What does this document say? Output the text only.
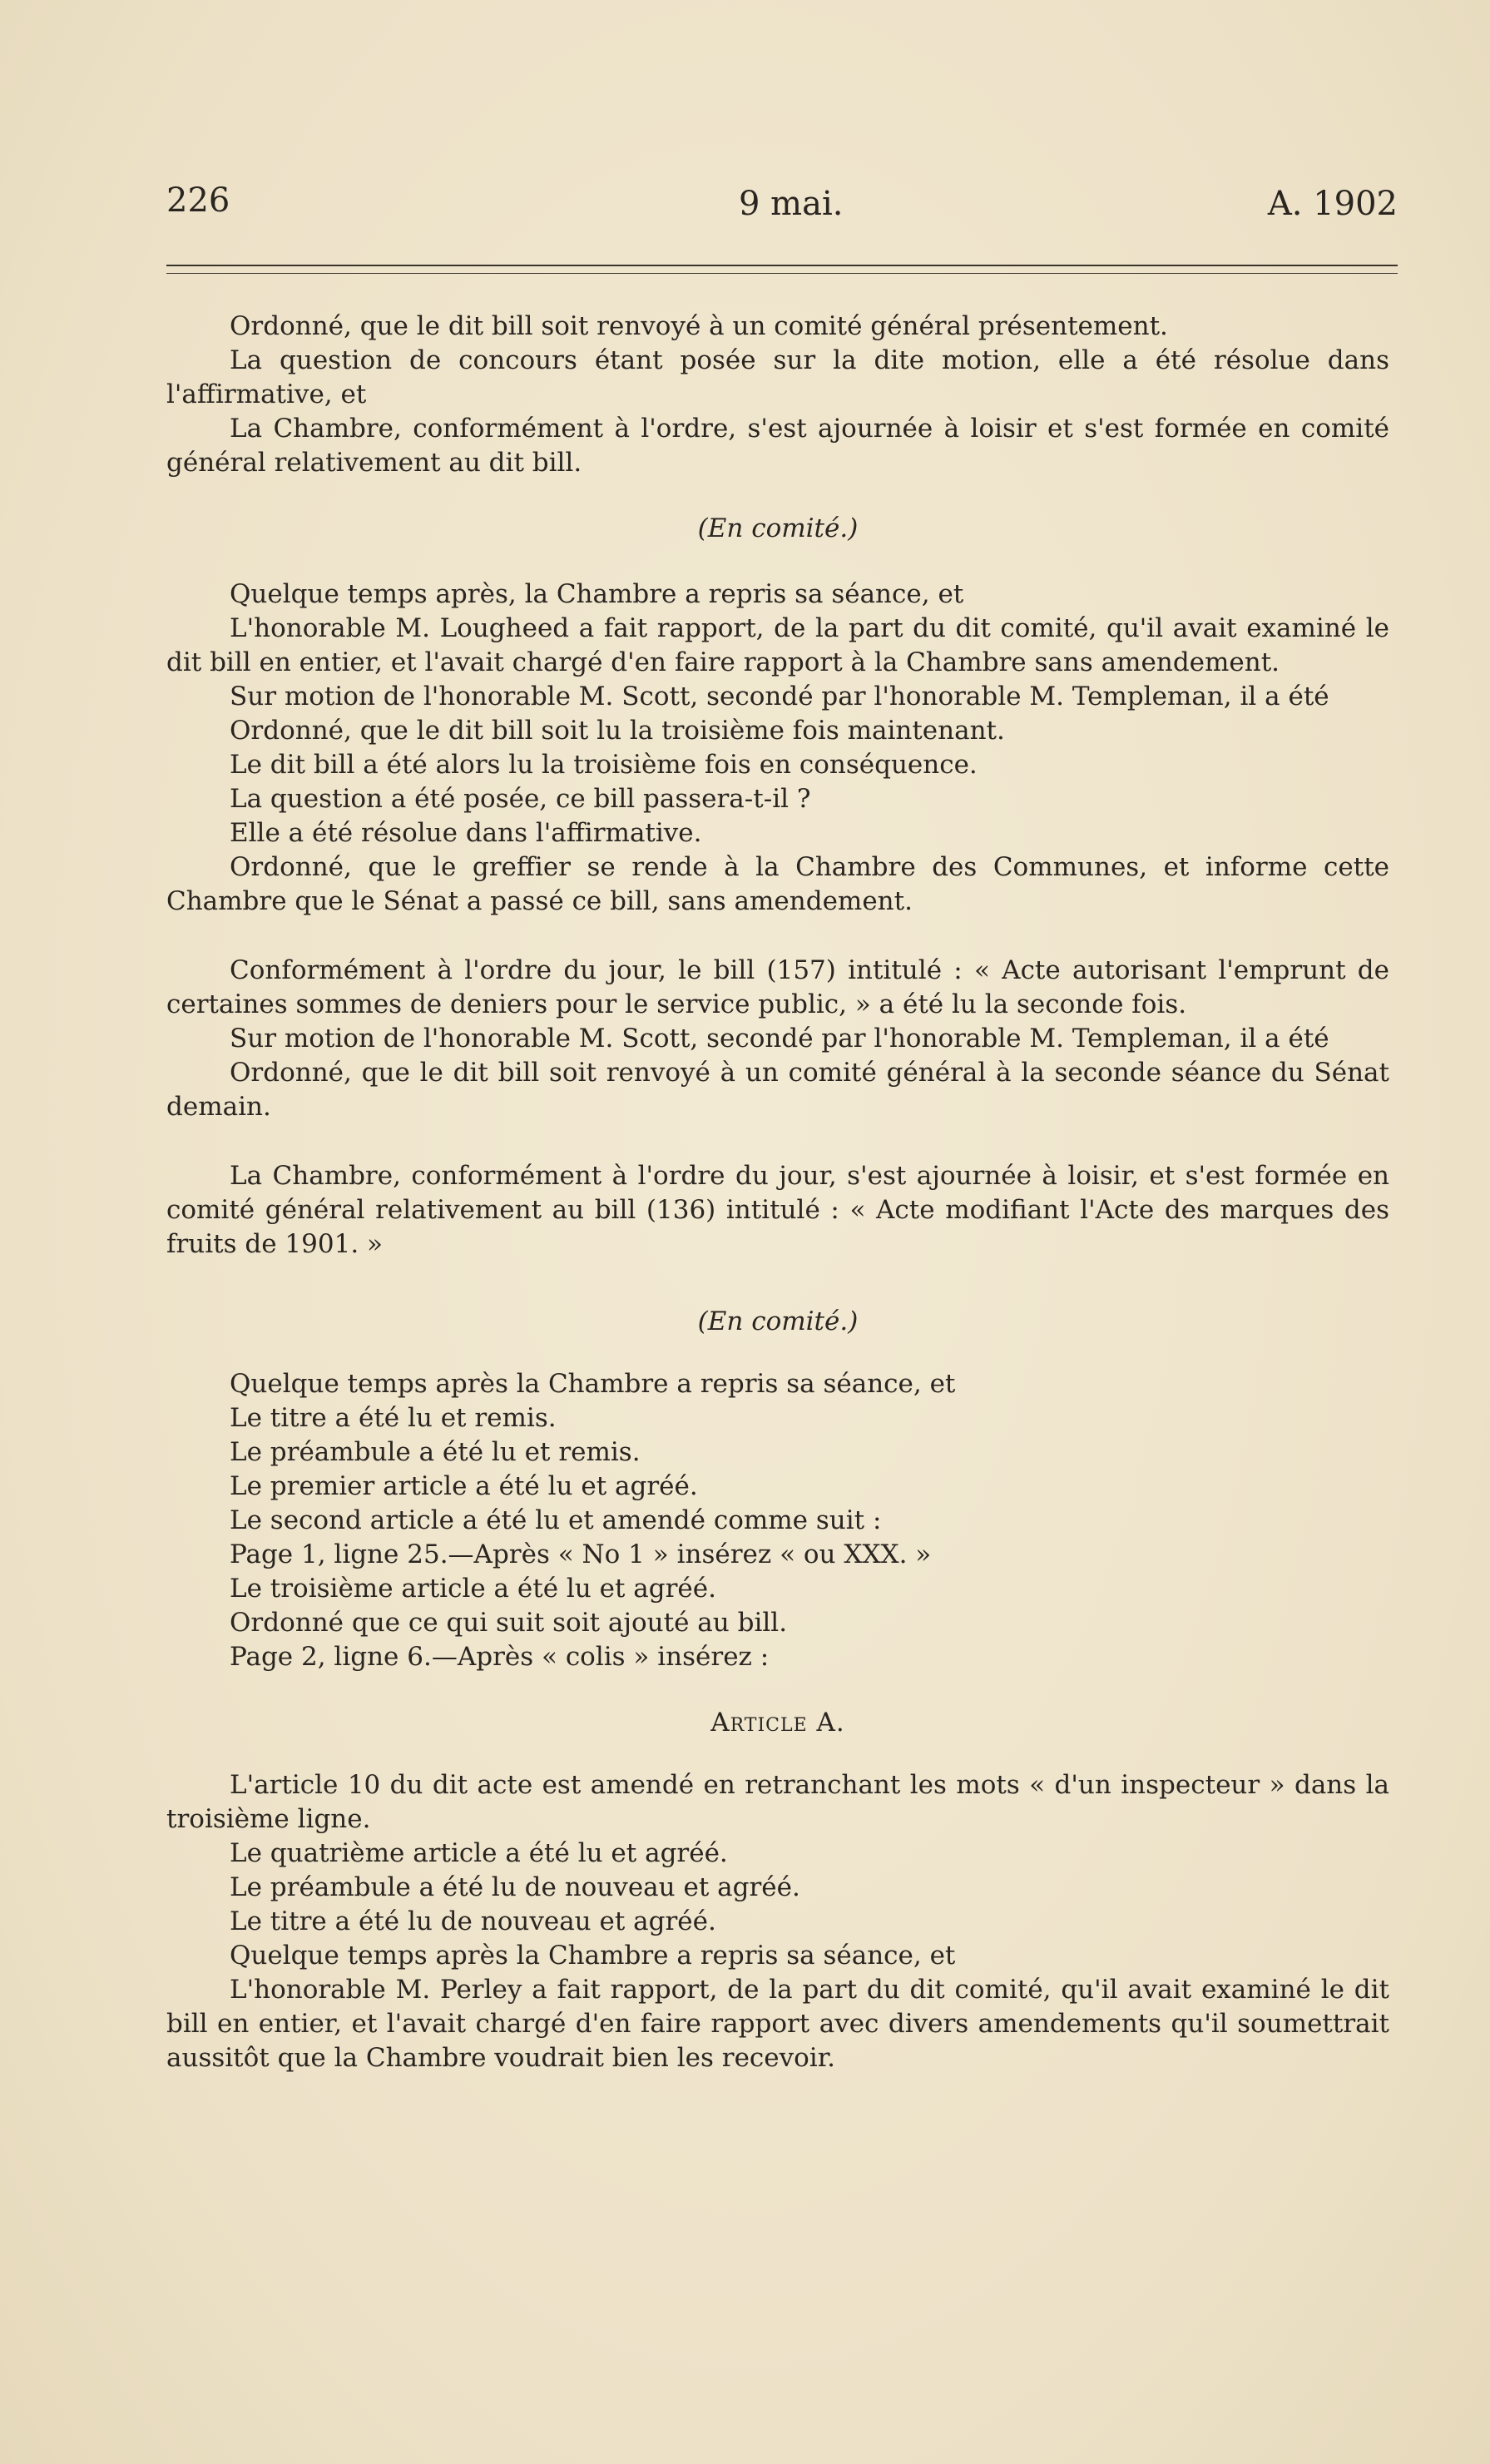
226	9 mai.	A. 1902

Ordonné, que le dit bill soit renvoyé à un comité général présentement.

La question de concours étant posée sur la dite motion, elle a été résolue dans l'affirmative, et

La Chambre, conformément à l'ordre, s'est ajournée à loisir et s'est formée en comité général relativement au dit bill.

(En comité.)

Quelque temps après, la Chambre a repris sa séance, et

L'honorable M. Lougheed a fait rapport, de la part du dit comité, qu'il avait examiné le dit bill en entier, et l'avait chargé d'en faire rapport à la Chambre sans amendement.

Sur motion de l'honorable M. Scott, secondé par l'honorable M. Templeman, il a été

Ordonné, que le dit bill soit lu la troisième fois maintenant.

Le dit bill a été alors lu la troisième fois en conséquence.

La question a été posée, ce bill passera-t-il ?

Elle a été résolue dans l'affirmative.

Ordonné, que le greffier se rende à la Chambre des Communes, et informe cette Chambre que le Sénat a passé ce bill, sans amendement.

Conformément à l'ordre du jour, le bill (157) intitulé : « Acte autorisant l'emprunt de certaines sommes de deniers pour le service public, » a été lu la seconde fois.

Sur motion de l'honorable M. Scott, secondé par l'honorable M. Templeman, il a été

Ordonné, que le dit bill soit renvoyé à un comité général à la seconde séance du Sénat demain.

La Chambre, conformément à l'ordre du jour, s'est ajournée à loisir, et s'est formée en comité général relativement au bill (136) intitulé : « Acte modifiant l'Acte des marques des fruits de 1901. »

(En comité.)

Quelque temps après la Chambre a repris sa séance, et

Le titre a été lu et remis.

Le préambule a été lu et remis.

Le premier article a été lu et agréé.

Le second article a été lu et amendé comme suit :

Page 1, ligne 25.—Après « No 1 » insérez « ou XXX. »

Le troisième article a été lu et agréé.

Ordonné que ce qui suit soit ajouté au bill.

Page 2, ligne 6.—Après « colis » insérez :

Article A.

L'article 10 du dit acte est amendé en retranchant les mots « d'un inspecteur » dans la troisième ligne.

Le quatrième article a été lu et agréé.

Le préambule a été lu de nouveau et agréé.

Le titre a été lu de nouveau et agréé.

Quelque temps après la Chambre a repris sa séance, et

L'honorable M. Perley a fait rapport, de la part du dit comité, qu'il avait examiné le dit bill en entier, et l'avait chargé d'en faire rapport avec divers amendements qu'il soumettrait aussitôt que la Chambre voudrait bien les recevoir.
